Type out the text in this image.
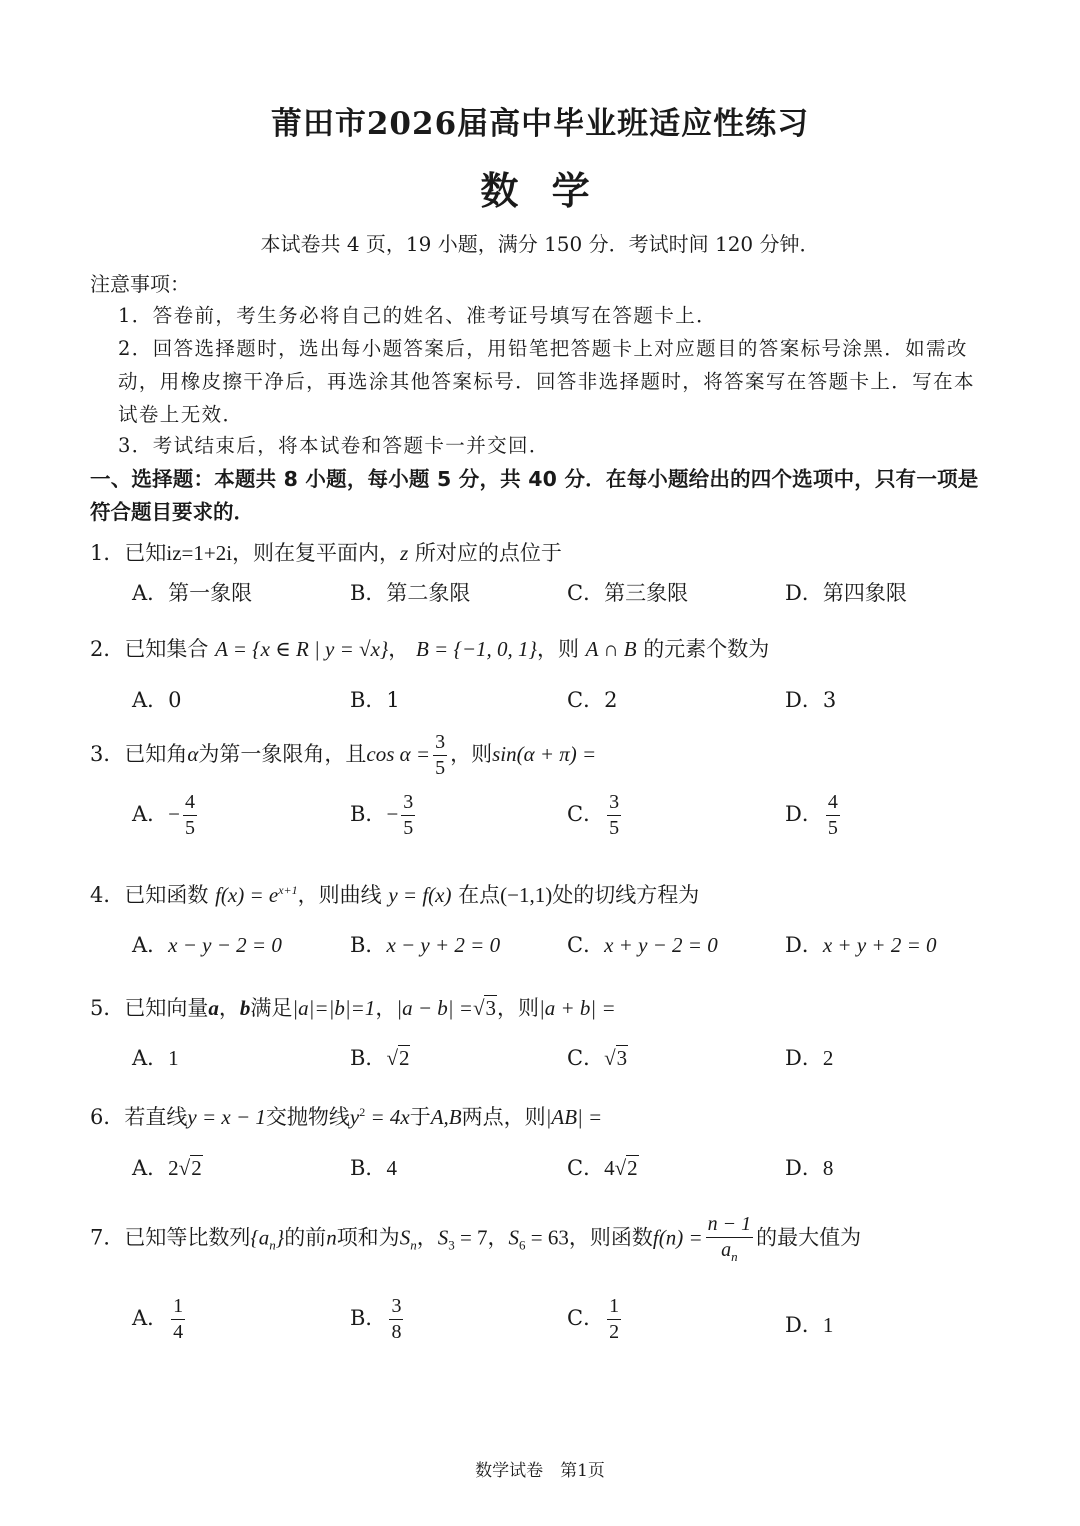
莆田市2026届高中毕业班适应性练习
数 学
本试卷共 4 页，19 小题，满分 150 分．考试时间 120 分钟．
注意事项：
1．答卷前，考生务必将自己的姓名、准考证号填写在答题卡上．
2．回答选择题时，选出每小题答案后，用铅笔把答题卡上对应题目的答案标号涂黑．如需改
动，用橡皮擦干净后，再选涂其他答案标号．回答非选择题时，将答案写在答题卡上．写在本
试卷上无效．
3．考试结束后，将本试卷和答题卡一并交回．
一、选择题：本题共 8 小题，每小题 5 分，共 40 分．在每小题给出的四个选项中，只有一项是
符合题目要求的．
1．已知iz=1+2i，则在复平面内，z 所对应的点位于
A．第一象限	B．第二象限	C．第三象限	D．第四象限
2．已知集合 A = {x ∈ R | y = √x}， B = {−1, 0, 1}，则 A ∩ B 的元素个数为
A．0	B．1	C．2	D．3
3．已知角α为第一象限角，且$\cos \alpha = \frac{3}{5}$ ，则sin(α + π) =
A．− $\frac{4}{5}$	B．− $\frac{3}{5}$	C． $\frac{3}{5}$	D． $\frac{4}{5}$
4．已知函数 $f(x) = e^{x+1}$，则曲线 y = f(x) 在点(−1,1)处的切线方程为
A．x − y − 2 = 0	B．x − y + 2 = 0	C．x + y − 2 = 0	D．x + y + 2 = 0
5．已知向量a，b满足|a|=|b|=1，|a − b| =√3，则|a + b| =
A．1	B．√2	C．√3	D．2
6．若直线y = x − 1交抛物线$y^2 = 4x$于A,B两点，则|AB| =
A．2√2	B．4	C．4√2	D．8
7．已知等比数列$\{a_n\}$的前n项和为$S_n$，$S_3 = 7$，$S_6 = 63$，则函数$f(n) = \frac{n - 1}{a_n}$ 的最大值为
A． $\frac{1}{4}$	B． $\frac{3}{8}$	C． $\frac{1}{2}$	D．1
数学试卷　第1页
